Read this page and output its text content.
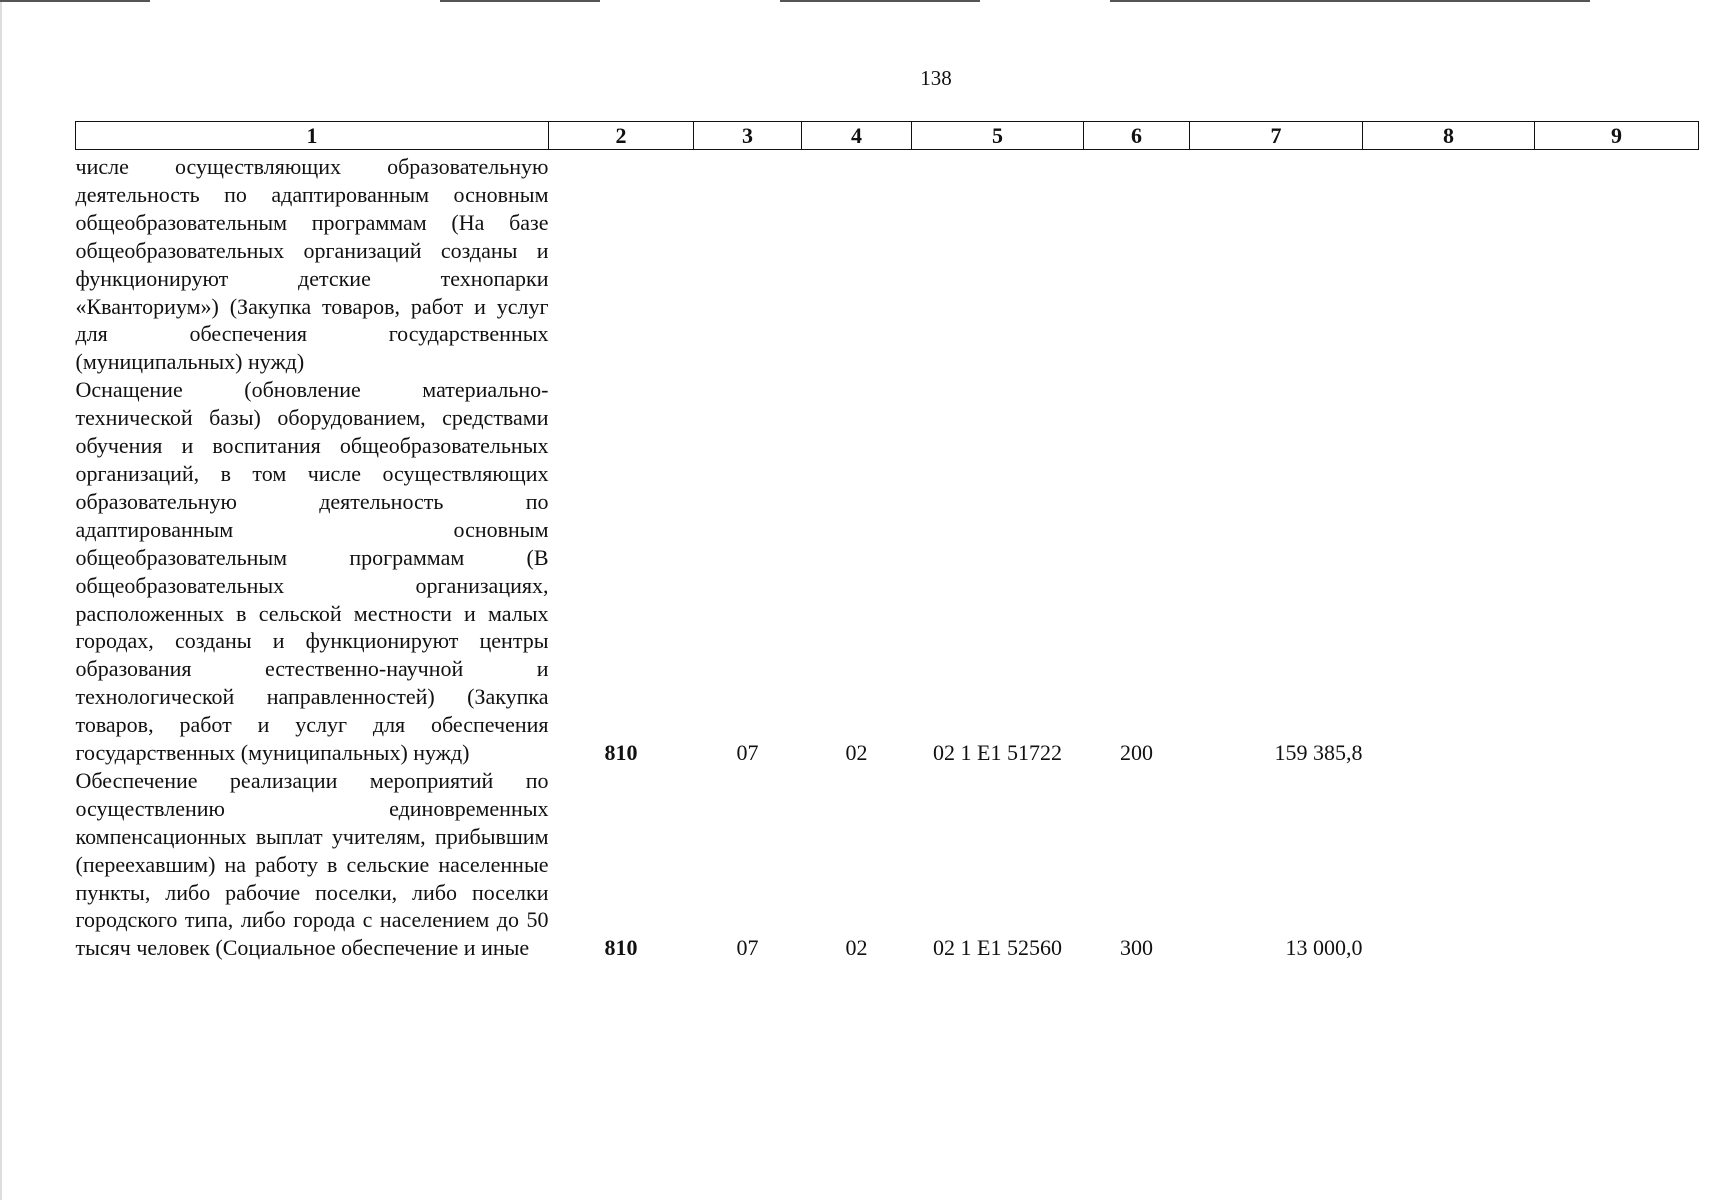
138
1	2	3	4	5	6	7	8	9
числе осуществляющих образовательную деятельность по адаптированным основным общеобразовательным программам (На базе общеобразовательных организаций созданы и функционируют детские технопарки «Кванториум») (Закупка товаров, работ и услуг для обеспечения государственных (муниципальных) нужд)								
Оснащение (обновление материально-технической базы) оборудованием, средствами обучения и воспитания общеобразовательных организаций, в том числе осуществляющих образовательную деятельность по адаптированным основным общеобразовательным программам (В общеобразовательных организациях, расположенных в сельской местности и малых городах, созданы и функционируют центры образования естественно-научной и технологической направленностей) (Закупка товаров, работ и услуг для обеспечения государственных (муниципальных) нужд)	810	07	02	02 1 Е1 51722	200	159 385,8		
Обеспечение реализации мероприятий по осуществлению единовременных компенсационных выплат учителям, прибывшим (переехавшим) на работу в сельские населенные пункты, либо рабочие поселки, либо поселки городского типа, либо города с населением до 50 тысяч человек (Социальное обеспечение и иные	810	07	02	02 1 Е1 52560	300	13 000,0		
